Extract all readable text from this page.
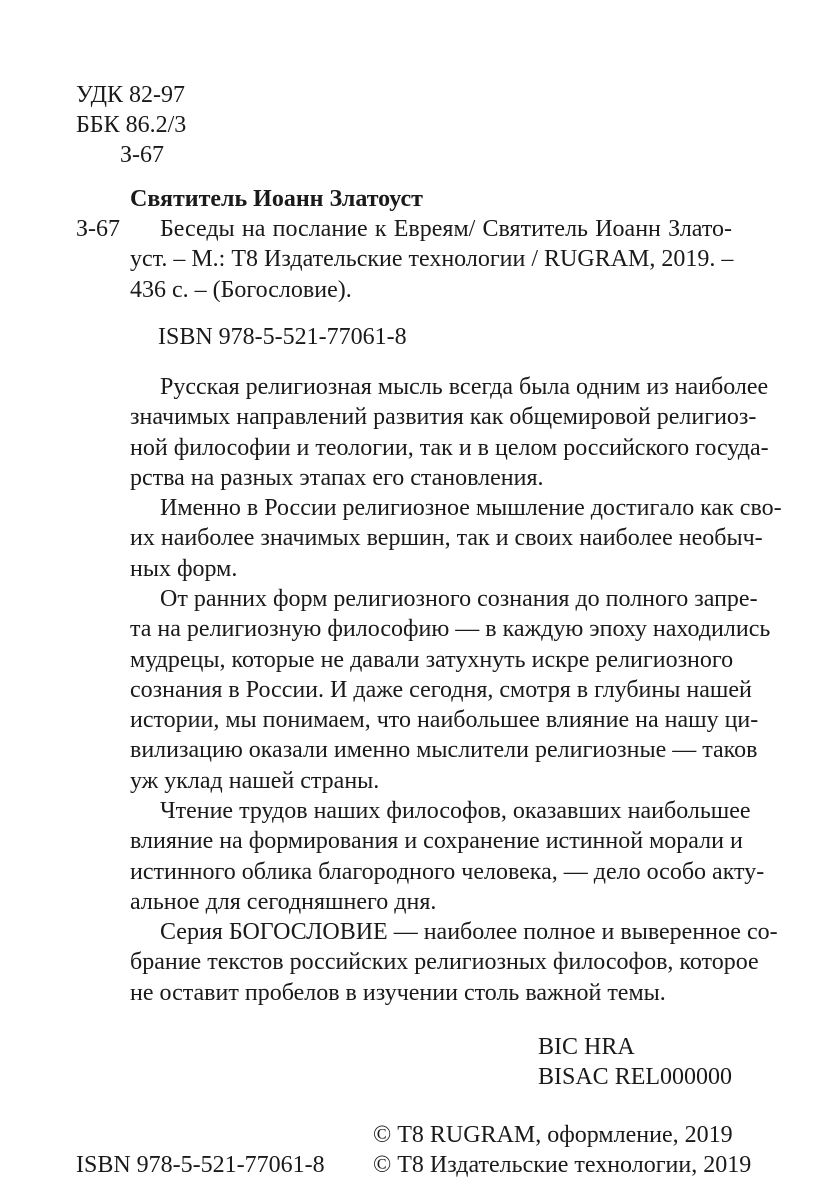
УДК 82-97
ББК 86.2/3
З-67
Святитель Иоанн Златоуст
З-67	Беседы на послание к Евреям/ Святитель Иоанн Злато-
уст. – М.: Т8 Издательские технологии / RUGRAM, 2019. –
436 с. – (Богословие).
ISBN 978-5-521-77061-8
Русская религиозная мысль всегда была одним из наиболее
значимых направлений развития как общемировой религиоз-
ной философии и теологии, так и в целом российского госуда-
рства на разных этапах его становления.
Именно в России религиозное мышление достигало как сво-
их наиболее значимых вершин, так и своих наиболее необыч-
ных форм.
От ранних форм религиозного сознания до полного запре-
та на религиозную философию — в каждую эпоху находились
мудрецы, которые не давали затухнуть искре религиозного
сознания в России. И даже сегодня, смотря в глубины нашей
истории, мы понимаем, что наибольшее влияние на нашу ци-
вилизацию оказали именно мыслители религиозные — таков
уж уклад нашей страны.
Чтение трудов наших философов, оказавших наибольшее
влияние на формирования и сохранение истинной морали и
истинного облика благородного человека, — дело особо акту-
альное для сегодняшнего дня.
Серия БОГОСЛОВИЕ — наиболее полное и выверенное со-
брание текстов российских религиозных философов, которое
не оставит пробелов в изучении столь важной темы.
BIC HRA
BISAC REL000000
© Т8 RUGRAM, оформление, 2019
ISBN 978-5-521-77061-8 © Т8 Издательские технологии, 2019
